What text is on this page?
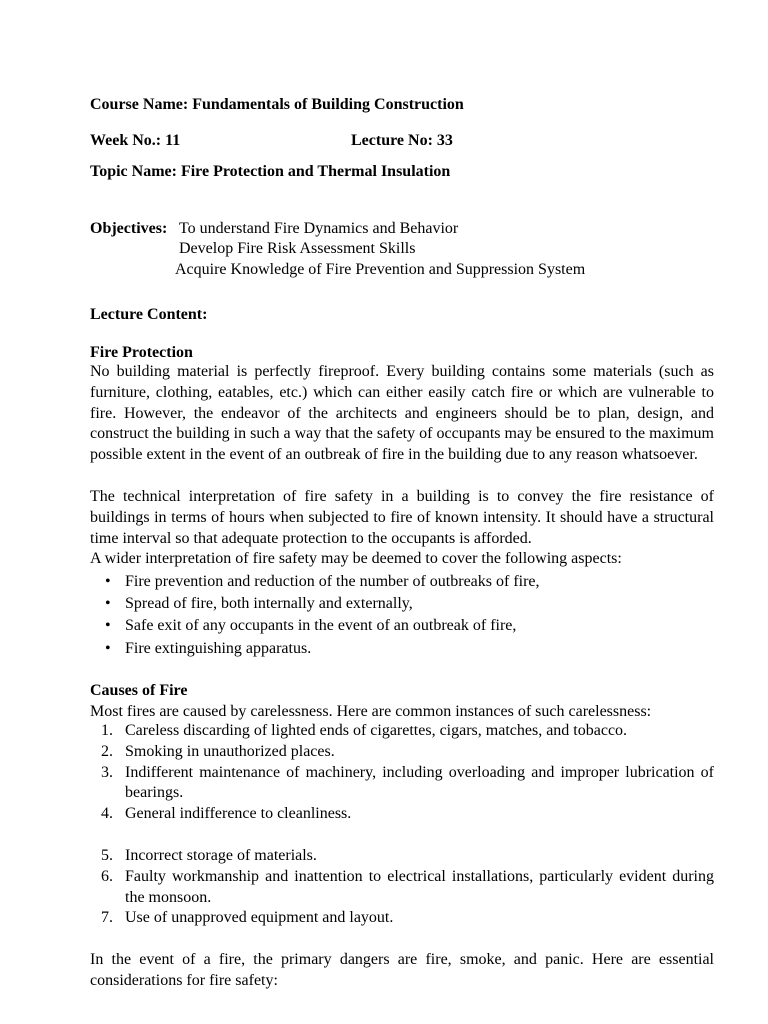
Course Name: Fundamentals of Building Construction
Week No.: 11	Lecture No: 33
Topic Name: Fire Protection and Thermal Insulation
Objectives: To understand Fire Dynamics and Behavior
Develop Fire Risk Assessment Skills
Acquire Knowledge of Fire Prevention and Suppression System
Lecture Content:
Fire Protection
No building material is perfectly fireproof. Every building contains some materials (such as furniture, clothing, eatables, etc.) which can either easily catch fire or which are vulnerable to fire. However, the endeavor of the architects and engineers should be to plan, design, and construct the building in such a way that the safety of occupants may be ensured to the maximum possible extent in the event of an outbreak of fire in the building due to any reason whatsoever.
The technical interpretation of fire safety in a building is to convey the fire resistance of buildings in terms of hours when subjected to fire of known intensity. It should have a structural time interval so that adequate protection to the occupants is afforded.
A wider interpretation of fire safety may be deemed to cover the following aspects:
• Fire prevention and reduction of the number of outbreaks of fire,
• Spread of fire, both internally and externally,
• Safe exit of any occupants in the event of an outbreak of fire,
• Fire extinguishing apparatus.
Causes of Fire
Most fires are caused by carelessness. Here are common instances of such carelessness:
1. Careless discarding of lighted ends of cigarettes, cigars, matches, and tobacco.
2. Smoking in unauthorized places.
3. Indifferent maintenance of machinery, including overloading and improper lubrication of bearings.
4. General indifference to cleanliness.
5. Incorrect storage of materials.
6. Faulty workmanship and inattention to electrical installations, particularly evident during the monsoon.
7. Use of unapproved equipment and layout.
In the event of a fire, the primary dangers are fire, smoke, and panic. Here are essential considerations for fire safety:
